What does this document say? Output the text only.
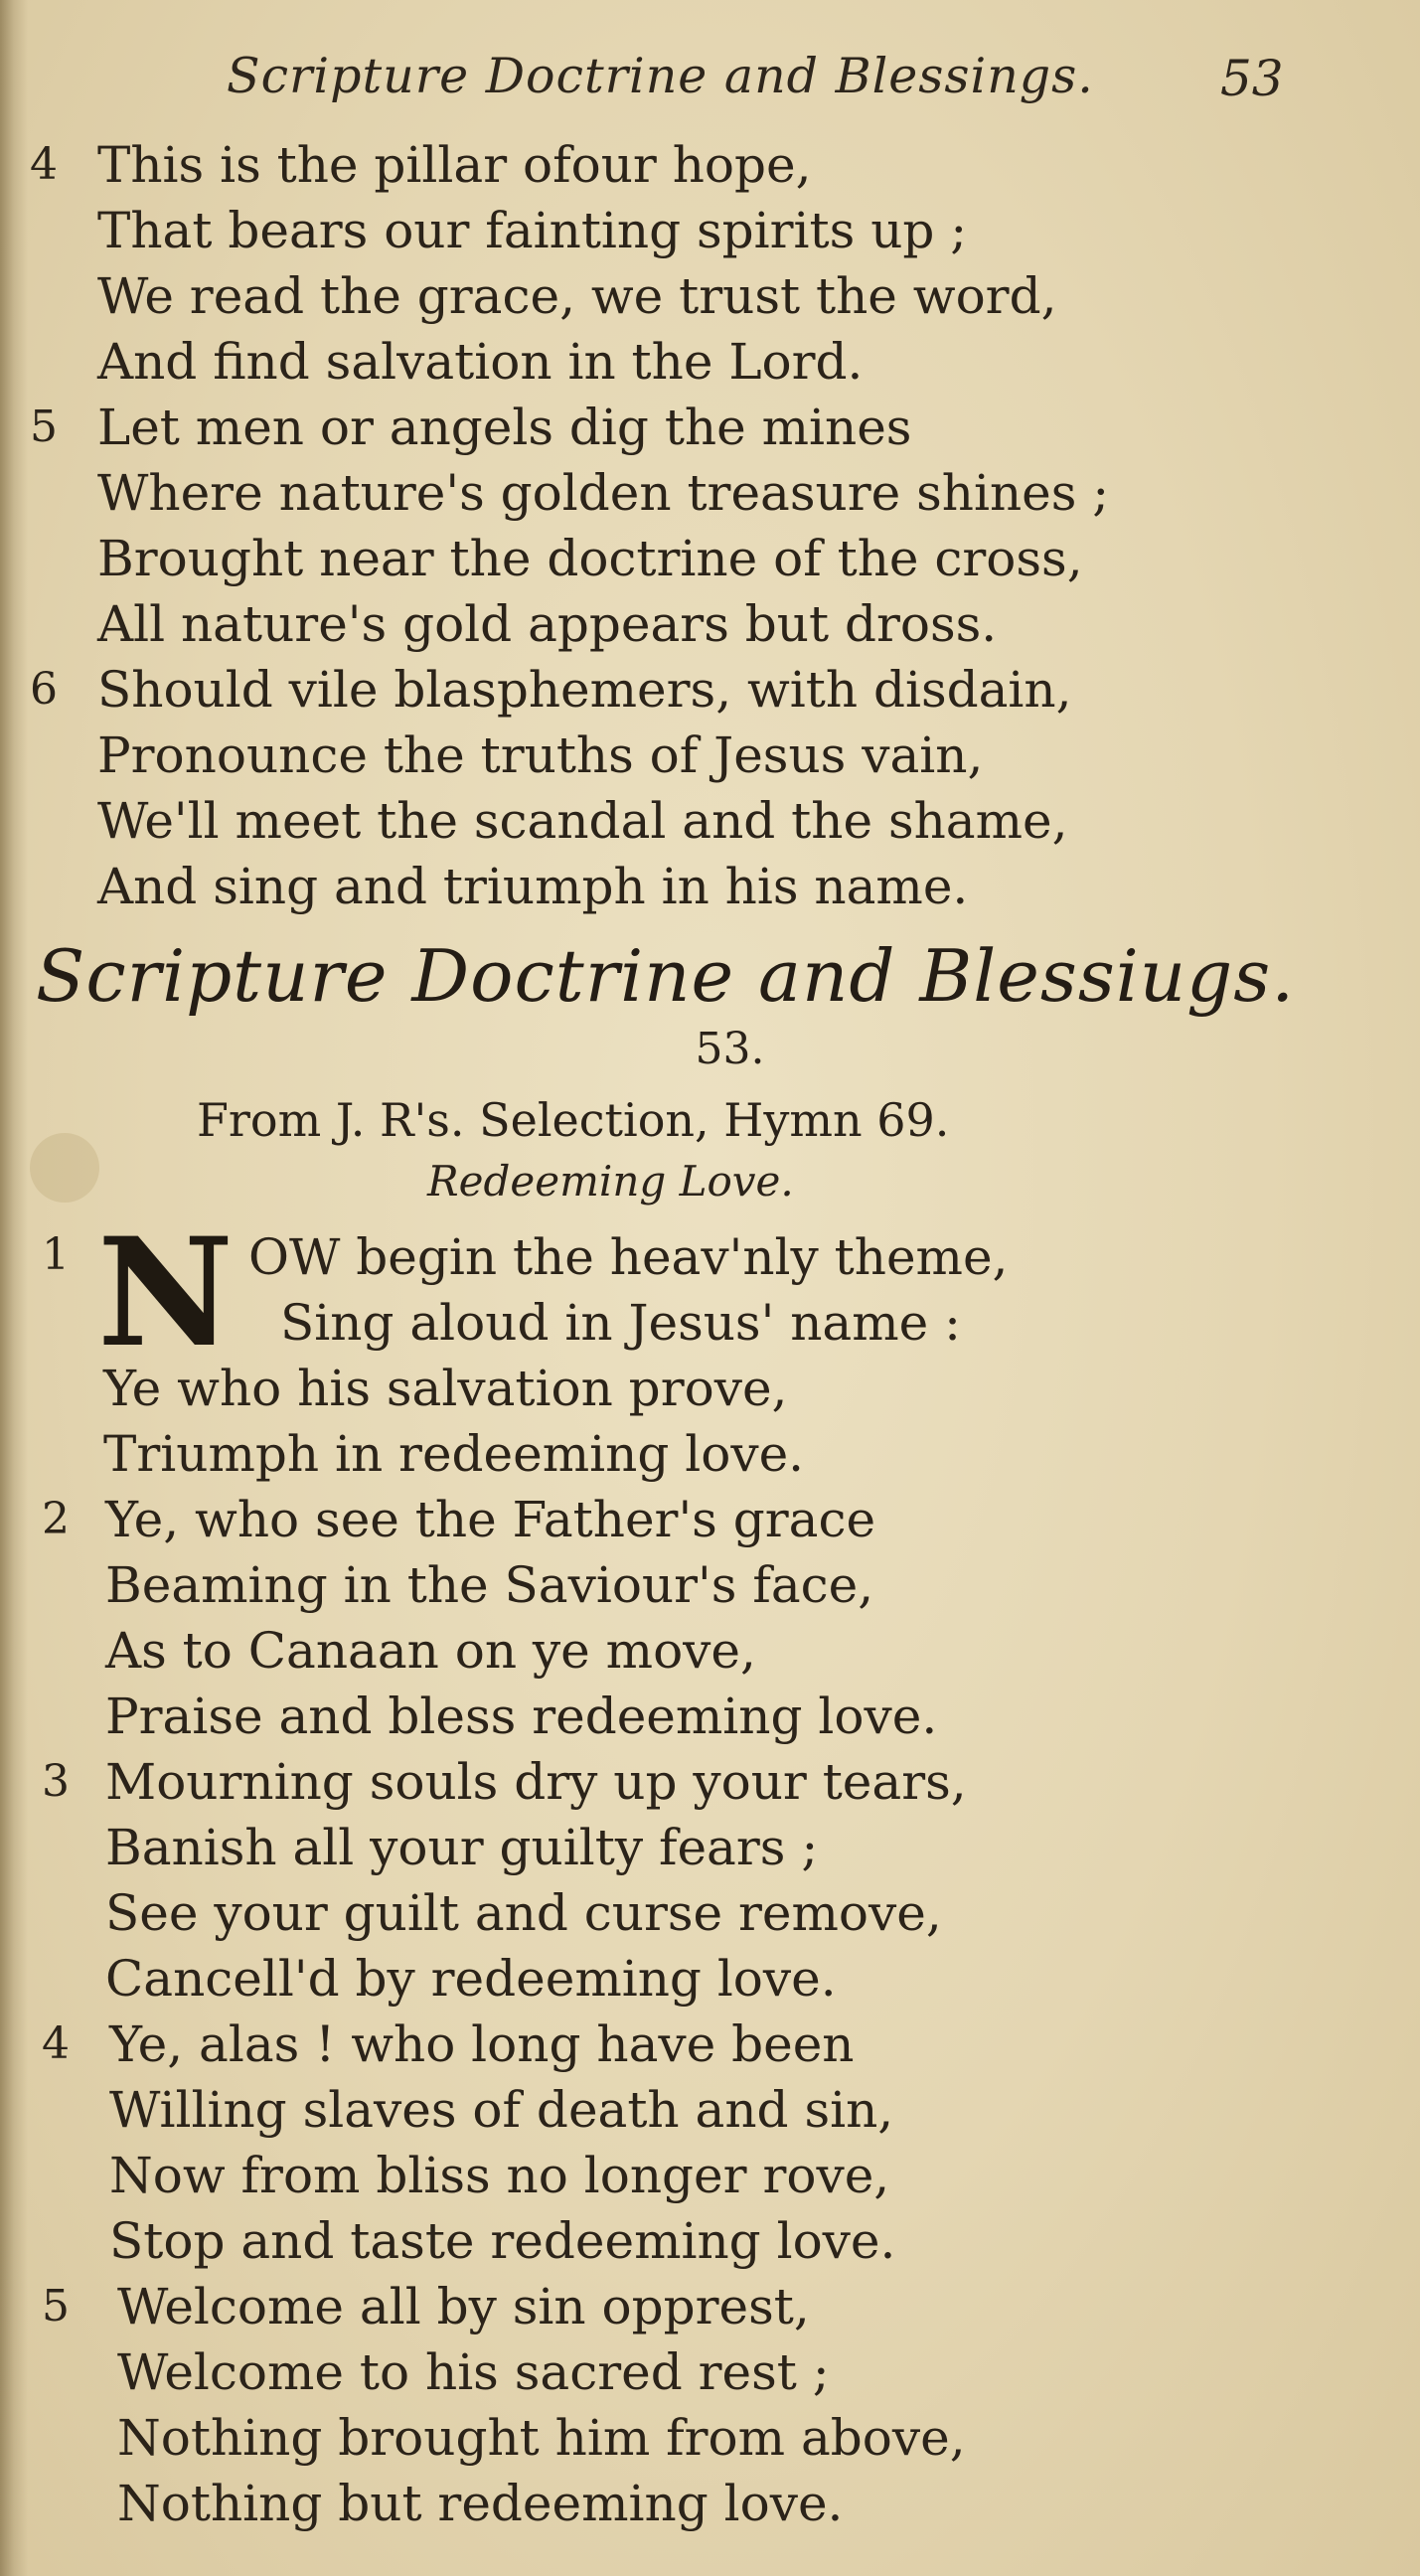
Scripture Doctrine and Blessings.	53
4 This is the pillar ofour hope,
That bears our fainting spirits up ;
We read the grace, we trust the word,
And find salvation in the Lord.
5 Let men or angels dig the mines
Where nature's golden treasure shines ;
Brought near the doctrine of the cross,
All nature's gold appears but dross.
6 Should vile blasphemers, with disdain,
Pronounce the truths of Jesus vain,
We'll meet the scandal and the shame,
And sing and triumph in his name.
Scripture Doctrine and Blessiugs.
53.
From J. R's. Selection, Hymn 69.
Redeeming Love.
1 N OW begin the heav'nly theme,
Sing aloud in Jesus' name :
Ye who his salvation prove,
Triumph in redeeming love.
2 Ye, who see the Father's grace
Beaming in the Saviour's face,
As to Canaan on ye move,
Praise and bless redeeming love.
3 Mourning souls dry up your tears,
Banish all your guilty fears ;
See your guilt and curse remove,
Cancell'd by redeeming love.
4 Ye, alas ! who long have been
Willing slaves of death and sin,
Now from bliss no longer rove,
Stop and taste redeeming love.
5 Welcome all by sin opprest,
Welcome to his sacred rest ;
Nothing brought him from above,
Nothing but redeeming love.
